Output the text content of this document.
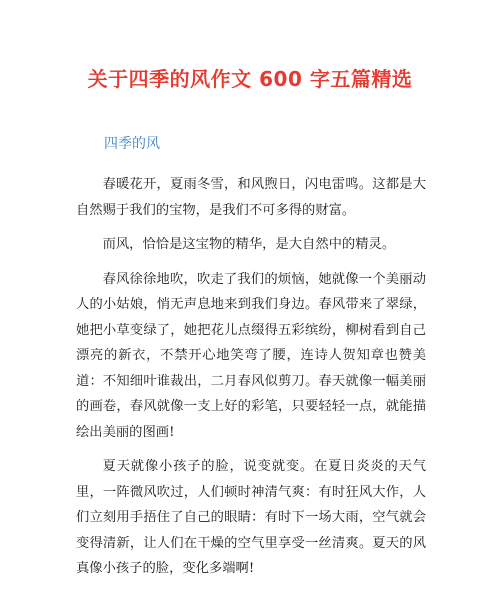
关于四季的风作文 600 字五篇精选
四季的风

春暖花开，夏雨冬雪，和风煦日，闪电雷鸣。这都是大自然赐于我们的宝物，是我们不可多得的财富。

而风，恰恰是这宝物的精华，是大自然中的精灵。

春风徐徐地吹，吹走了我们的烦恼，她就像一个美丽动人的小姑娘，悄无声息地来到我们身边。春风带来了翠绿，她把小草变绿了，她把花儿点缀得五彩缤纷，柳树看到自己漂亮的新衣，不禁开心地笑弯了腰，连诗人贺知章也赞美道：不知细叶谁裁出，二月春风似剪刀。春天就像一幅美丽的画卷，春风就像一支上好的彩笔，只要轻轻一点，就能描绘出美丽的图画!

夏天就像小孩子的脸，说变就变。在夏日炎炎的天气里，一阵微风吹过，人们顿时神清气爽：有时狂风大作，人们立刻用手捂住了自己的眼睛：有时下一场大雨，空气就会变得清新，让人们在干燥的空气里享受一丝清爽。夏天的风真像小孩子的脸，变化多端啊!
